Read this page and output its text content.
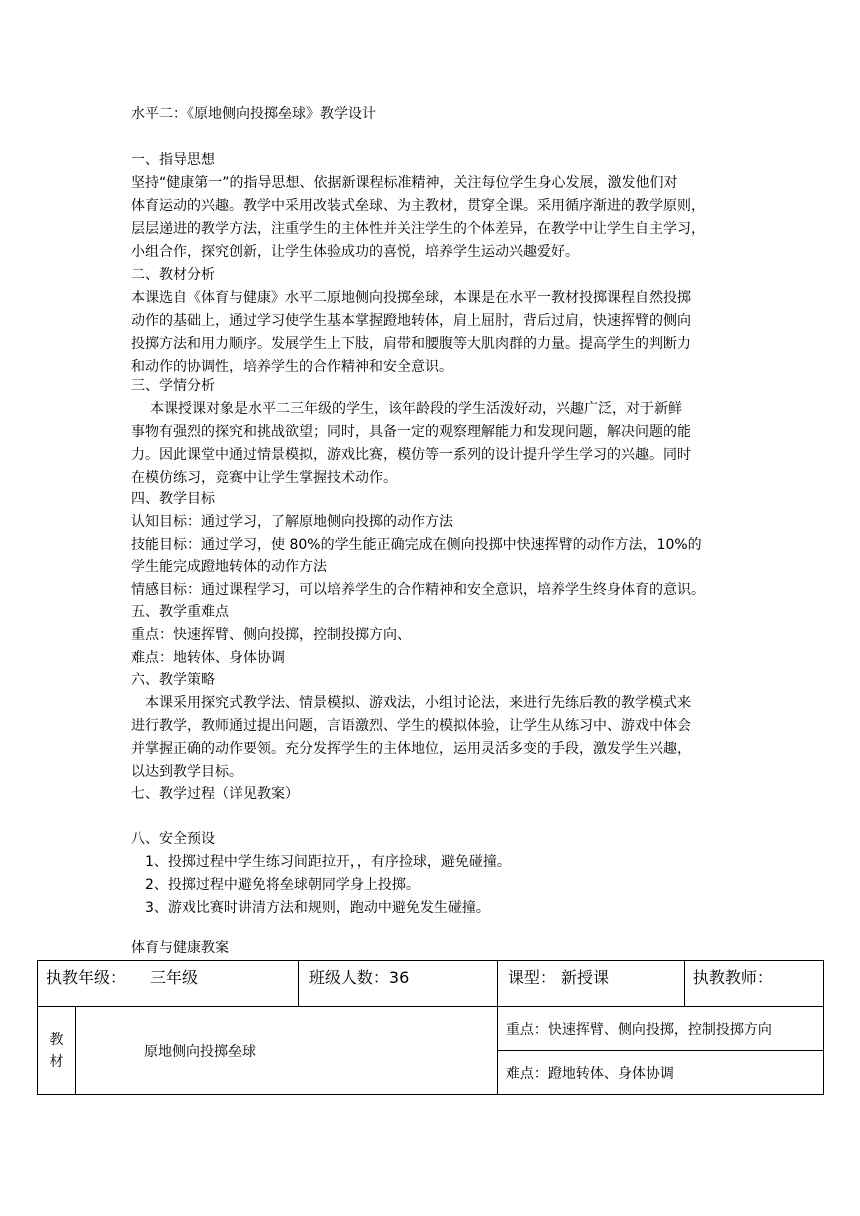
水平二：《原地侧向投掷垒球》教学设计
一、指导思想
坚持“健康第一”的指导思想、依据新课程标准精神，关注每位学生身心发展，激发他们对
体育运动的兴趣。教学中采用改装式垒球、为主教材，贯穿全课。采用循序渐进的教学原则，
层层递进的教学方法，注重学生的主体性并关注学生的个体差异，在教学中让学生自主学习，
小组合作，探究创新，让学生体验成功的喜悦，培养学生运动兴趣爱好。
二、教材分析
本课选自《体育与健康》水平二原地侧向投掷垒球，本课是在水平一教材投掷课程自然投掷
动作的基础上，通过学习使学生基本掌握蹬地转体，肩上屈肘，背后过肩，快速挥臂的侧向
投掷方法和用力顺序。发展学生上下肢，肩带和腰腹等大肌肉群的力量。提高学生的判断力
和动作的协调性，培养学生的合作精神和安全意识。
三、学情分析
本课授课对象是水平二三年级的学生，该年龄段的学生活泼好动，兴趣广泛，对于新鲜
事物有强烈的探究和挑战欲望；同时，具备一定的观察理解能力和发现问题，解决问题的能
力。因此课堂中通过情景模拟，游戏比赛，模仿等一系列的设计提升学生学习的兴趣。同时
在模仿练习，竞赛中让学生掌握技术动作。
四、教学目标
认知目标：通过学习，了解原地侧向投掷的动作方法
技能目标：通过学习，使 80%的学生能正确完成在侧向投掷中快速挥臂的动作方法，10%的
学生能完成蹬地转体的动作方法
情感目标：通过课程学习，可以培养学生的合作精神和安全意识，培养学生终身体育的意识。
五、教学重难点
重点：快速挥臂、侧向投掷，控制投掷方向、
难点：地转体、身体协调
六、教学策略
本课采用探究式教学法、情景模拟、游戏法，小组讨论法，来进行先练后教的教学模式来
进行教学，教师通过提出问题，言语激烈、学生的模拟体验，让学生从练习中、游戏中体会
并掌握正确的动作要领。充分发挥学生的主体地位，运用灵活多变的手段，激发学生兴趣，
以达到教学目标。
七、教学过程（详见教案）
八、安全预设
1、投掷过程中学生练习间距拉开，，有序捡球，避免碰撞。
2、投掷过程中避免将垒球朝同学身上投掷。
3、游戏比赛时讲清方法和规则，跑动中避免发生碰撞。
体育与健康教案
执教年级： 三年级		班级人数：36	课型： 新授课	执教教师：

教
材	原地侧向投掷垒球		重点：快速挥臂、侧向投掷，控制投掷方向	
			难点：蹬地转体、身体协调	
